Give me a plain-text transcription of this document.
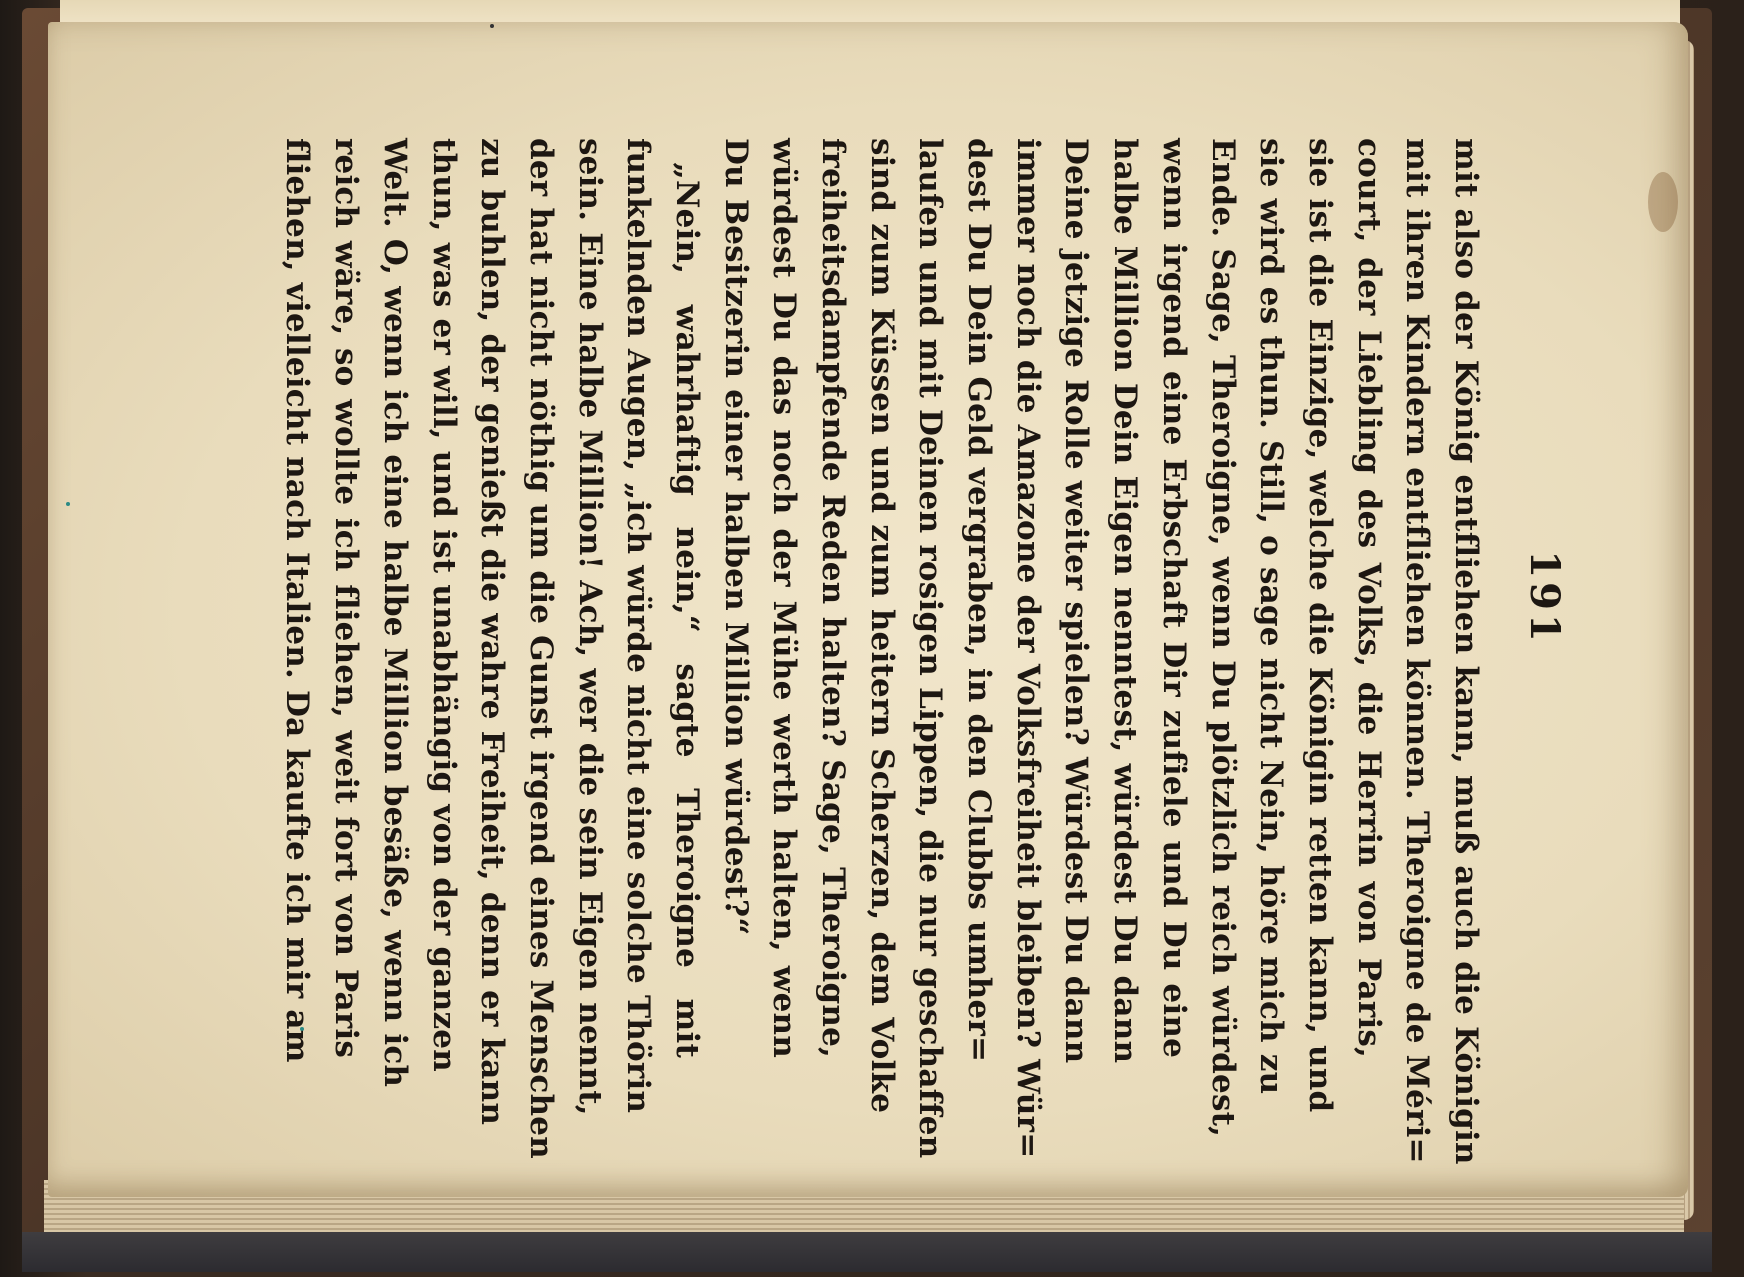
191
mit also der König entfliehen kann, muß auch die Königin
mit ihren Kindern entfliehen können. Theroigne de Méri=
court, der Liebling des Volks, die Herrin von Paris,
sie ist die Einzige, welche die Königin retten kann, und
sie wird es thun. Still, o sage nicht Nein, höre mich zu
Ende. Sage, Theroigne, wenn Du plötzlich reich würdest,
wenn irgend eine Erbschaft Dir zufiele und Du eine
halbe Million Dein Eigen nenntest, würdest Du dann
Deine jetzige Rolle weiter spielen? Würdest Du dann
immer noch die Amazone der Volksfreiheit bleiben? Wür=
dest Du Dein Geld vergraben, in den Clubbs umher=
laufen und mit Deinen rosigen Lippen, die nur geschaffen
sind zum Küssen und zum heitern Scherzen, dem Volke
freiheitsdampfende Reden halten? Sage, Theroigne,
würdest Du das noch der Mühe werth halten, wenn
Du Besitzerin einer halben Million würdest?“
„Nein, wahrhaftig nein,“ sagte Theroigne mit
funkelnden Augen, „ich würde nicht eine solche Thörin
sein. Eine halbe Million! Ach, wer die sein Eigen nennt,
der hat nicht nöthig um die Gunst irgend eines Menschen
zu buhlen, der genießt die wahre Freiheit, denn er kann
thun, was er will, und ist unabhängig von der ganzen
Welt. O, wenn ich eine halbe Million besäße, wenn ich
reich wäre, so wollte ich fliehen, weit fort von Paris
fliehen, vielleicht nach Italien. Da kaufte ich mir am
